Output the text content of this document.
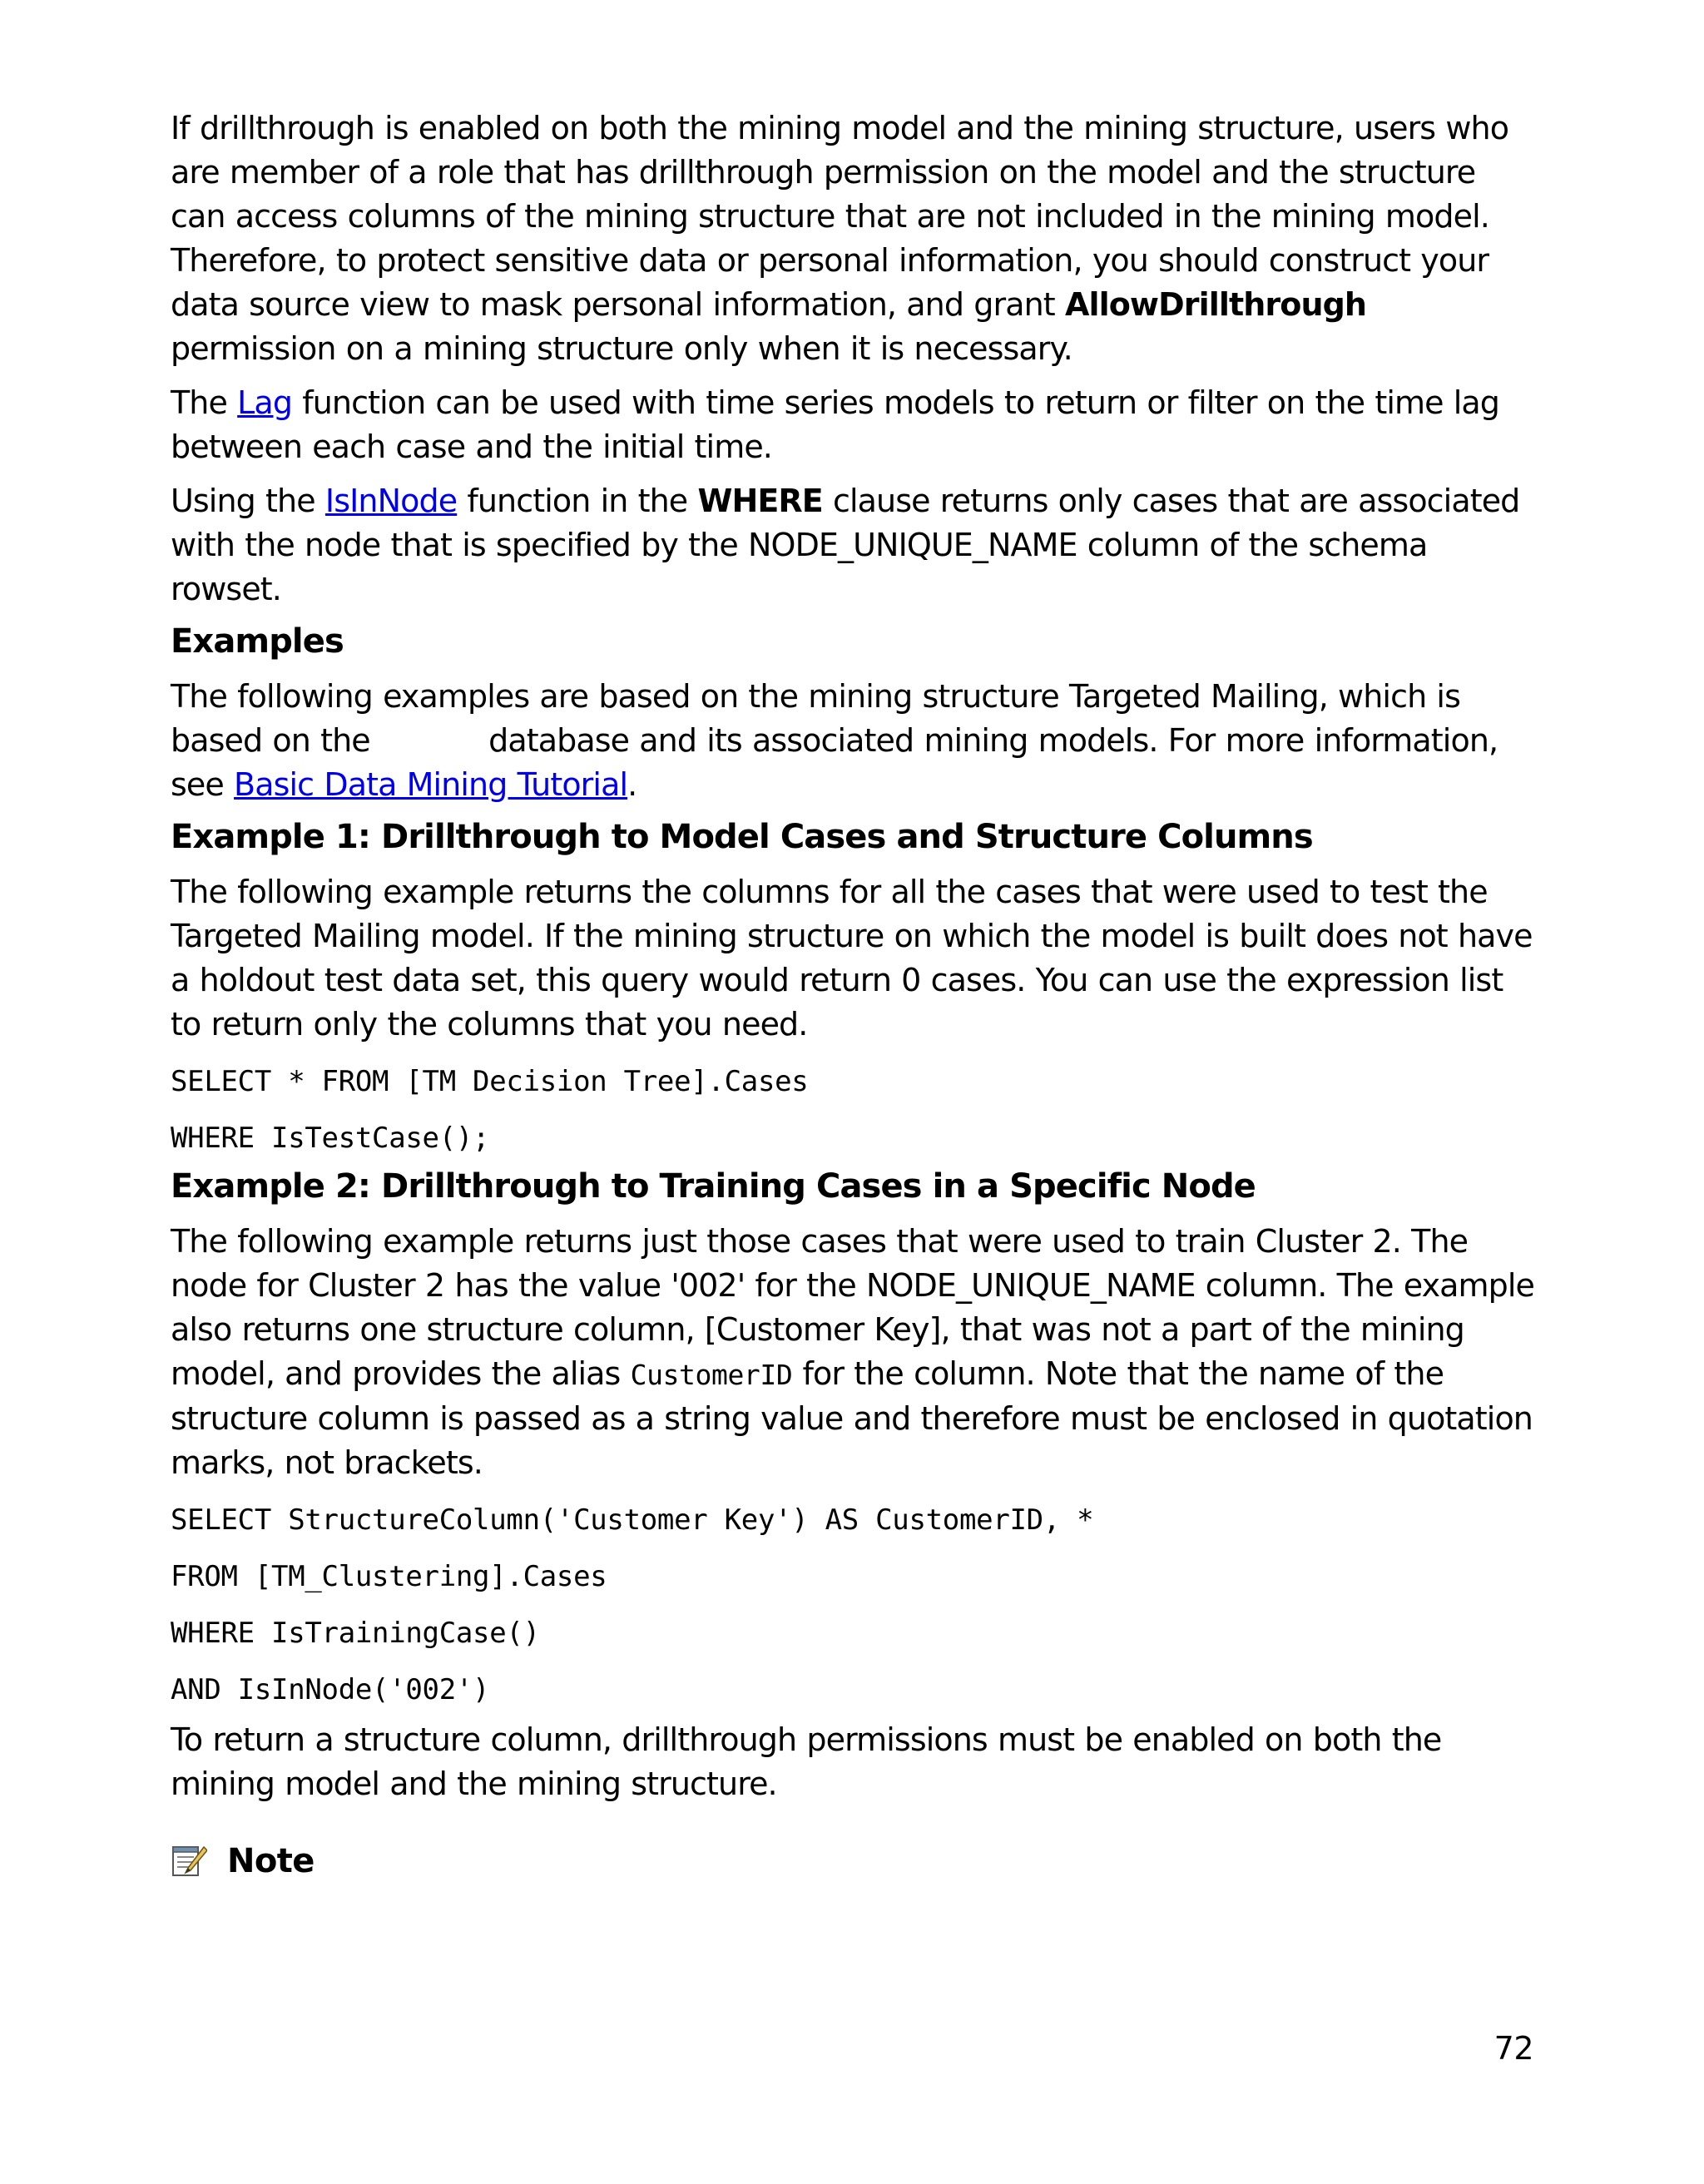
If drillthrough is enabled on both the mining model and the mining structure, users who are member of a role that has drillthrough permission on the model and the structure can access columns of the mining structure that are not included in the mining model. Therefore, to protect sensitive data or personal information, you should construct your data source view to mask personal information, and grant AllowDrillthrough permission on a mining structure only when it is necessary.

The Lag function can be used with time series models to return or filter on the time lag between each case and the initial time.

Using the IsInNode function in the WHERE clause returns only cases that are associated with the node that is specified by the NODE_UNIQUE_NAME column of the schema rowset.

Examples

The following examples are based on the mining structure Targeted Mailing, which is based on the	database and its associated mining models. For more information, see Basic Data Mining Tutorial.

Example 1: Drillthrough to Model Cases and Structure Columns

The following example returns the columns for all the cases that were used to test the Targeted Mailing model. If the mining structure on which the model is built does not have a holdout test data set, this query would return 0 cases. You can use the expression list to return only the columns that you need.

SELECT * FROM [TM Decision Tree].Cases
WHERE IsTestCase();
Example 2: Drillthrough to Training Cases in a Specific Node

The following example returns just those cases that were used to train Cluster 2. The node for Cluster 2 has the value '002' for the NODE_UNIQUE_NAME column. The example also returns one structure column, [Customer Key], that was not a part of the mining model, and provides the alias CustomerID for the column. Note that the name of the structure column is passed as a string value and therefore must be enclosed in quotation marks, not brackets.

SELECT StructureColumn('Customer Key') AS CustomerID, *
FROM [TM_Clustering].Cases
WHERE IsTrainingCase()
AND IsInNode('002')

To return a structure column, drillthrough permissions must be enabled on both the mining model and the mining structure.

Note
72
